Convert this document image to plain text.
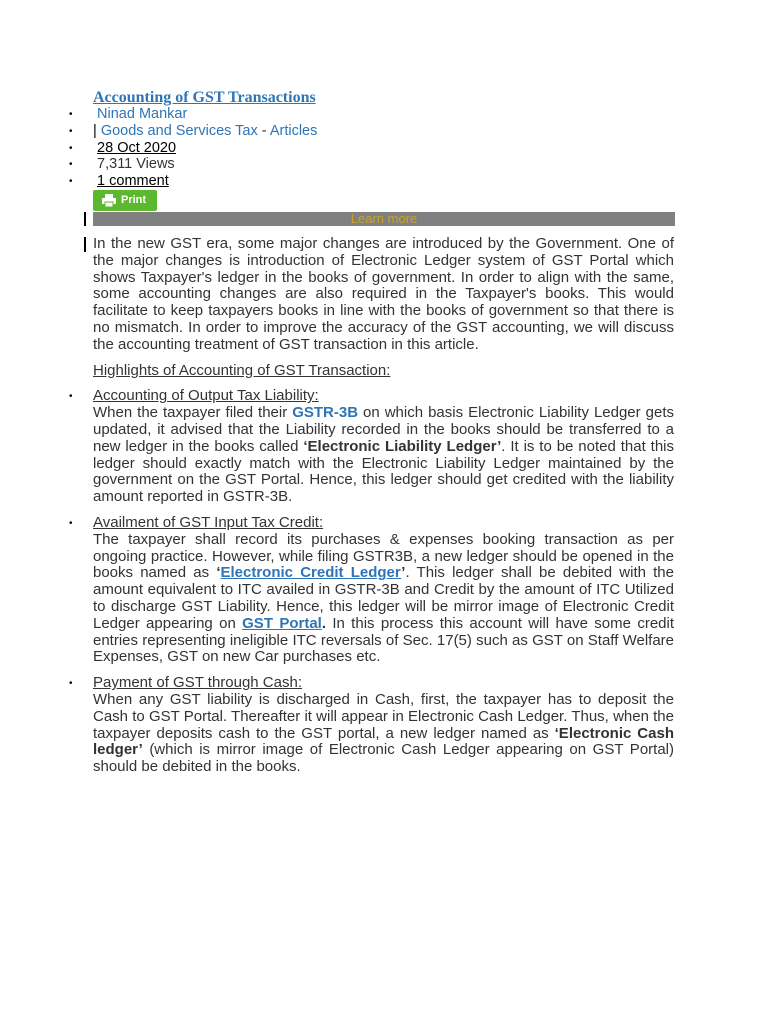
Accounting of GST Transactions
• Ninad Mankar
• | Goods and Services Tax - Articles
• 28 Oct 2020
• 7,311 Views
• 1 comment
Print
Learn more

In the new GST era, some major changes are introduced by the Government. One of the major changes is introduction of Electronic Ledger system of GST Portal which shows Taxpayer's ledger in the books of government. In order to align with the same, some accounting changes are also required in the Taxpayer's books. This would facilitate to keep taxpayers books in line with the books of government so that there is no mismatch. In order to improve the accuracy of the GST accounting, we will discuss the accounting treatment of GST transaction in this article.

Highlights of Accounting of GST Transaction:

• Accounting of Output Tax Liability:

When the taxpayer filed their GSTR-3B on which basis Electronic Liability Ledger gets updated, it advised that the Liability recorded in the books should be transferred to a new ledger in the books called ‘Electronic Liability Ledger’. It is to be noted that this ledger should exactly match with the Electronic Liability Ledger maintained by the government on the GST Portal. Hence, this ledger should get credited with the liability amount reported in GSTR-3B.

• Availment of GST Input Tax Credit:

The taxpayer shall record its purchases & expenses booking transaction as per ongoing practice. However, while filing GSTR3B, a new ledger should be opened in the books named as ‘Electronic Credit Ledger’. This ledger shall be debited with the amount equivalent to ITC availed in GSTR-3B and Credit by the amount of ITC Utilized to discharge GST Liability. Hence, this ledger will be mirror image of Electronic Credit Ledger appearing on GST Portal. In this process this account will have some credit entries representing ineligible ITC reversals of Sec. 17(5) such as GST on Staff Welfare Expenses, GST on new Car purchases etc.

• Payment of GST through Cash:

When any GST liability is discharged in Cash, first, the taxpayer has to deposit the Cash to GST Portal. Thereafter it will appear in Electronic Cash Ledger. Thus, when the taxpayer deposits cash to the GST portal, a new ledger named as ‘Electronic Cash ledger’ (which is mirror image of Electronic Cash Ledger appearing on GST Portal) should be debited in the books.
